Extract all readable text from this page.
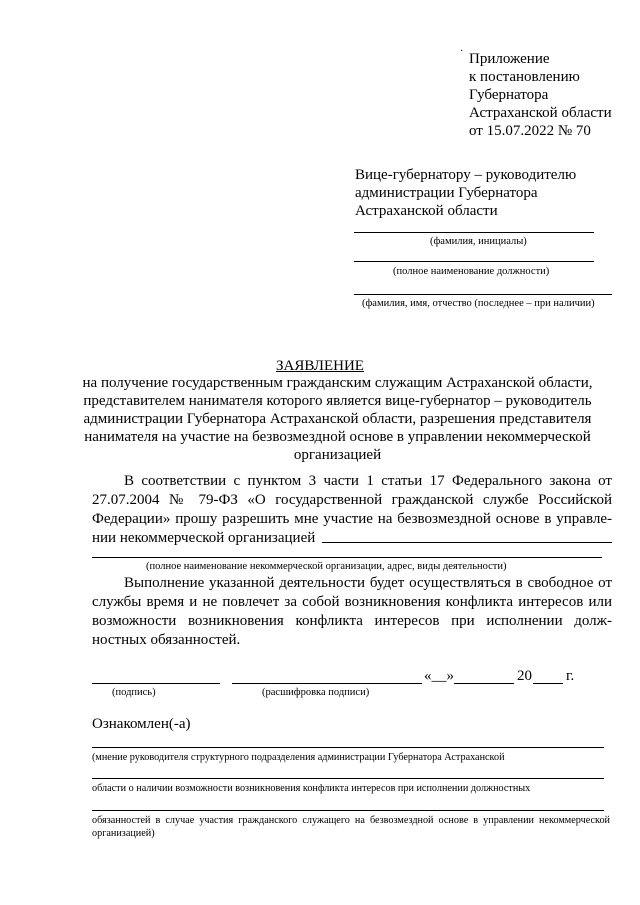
Приложение
к постановлению
Губернатора
Астраханской области
от 15.07.2022 № 70
·
Вице-губернатору – руководителю
администрации Губернатора
Астраханской области
(фамилия, инициалы)
(полное наименование должности)
(фамилия, имя, отчество (последнее – при наличии)
ЗАЯВЛЕНИЕ
на получение государственным гражданским служащим Астраханской области,
представителем нанимателя которого является вице-губернатор – руководитель
администрации Губернатора Астраханской области, разрешения представителя
нанимателя на участие на безвозмездной основе в управлении некоммерческой
организацией
В соответствии с пунктом 3 части 1 статьи 17 Федерального закона от 27.07.2004 № 79-ФЗ «О государственной гражданской службе Российской Федерации» прошу разрешить мне участие на безвозмездной основе в управле-нии некоммерческой организацией
(полное наименование некоммерческой организации, адрес, виды деятельности)
Выполнение указанной деятельности будет осуществляться в свободное от службы время и не повлечет за собой возникновения конфликта интересов или возможности возникновения конфликта интересов при исполнении долж-ностных обязанностей.
«__»	20 г.
(подпись)	(расшифровка подписи)
Ознакомлен(-а)
(мнение руководителя структурного подразделения администрации Губернатора Астраханской
области о наличии возможности возникновения конфликта интересов при исполнении должностных
обязанностей в случае участия гражданского служащего на безвозмездной основе в управлении некоммерческой организацией)
